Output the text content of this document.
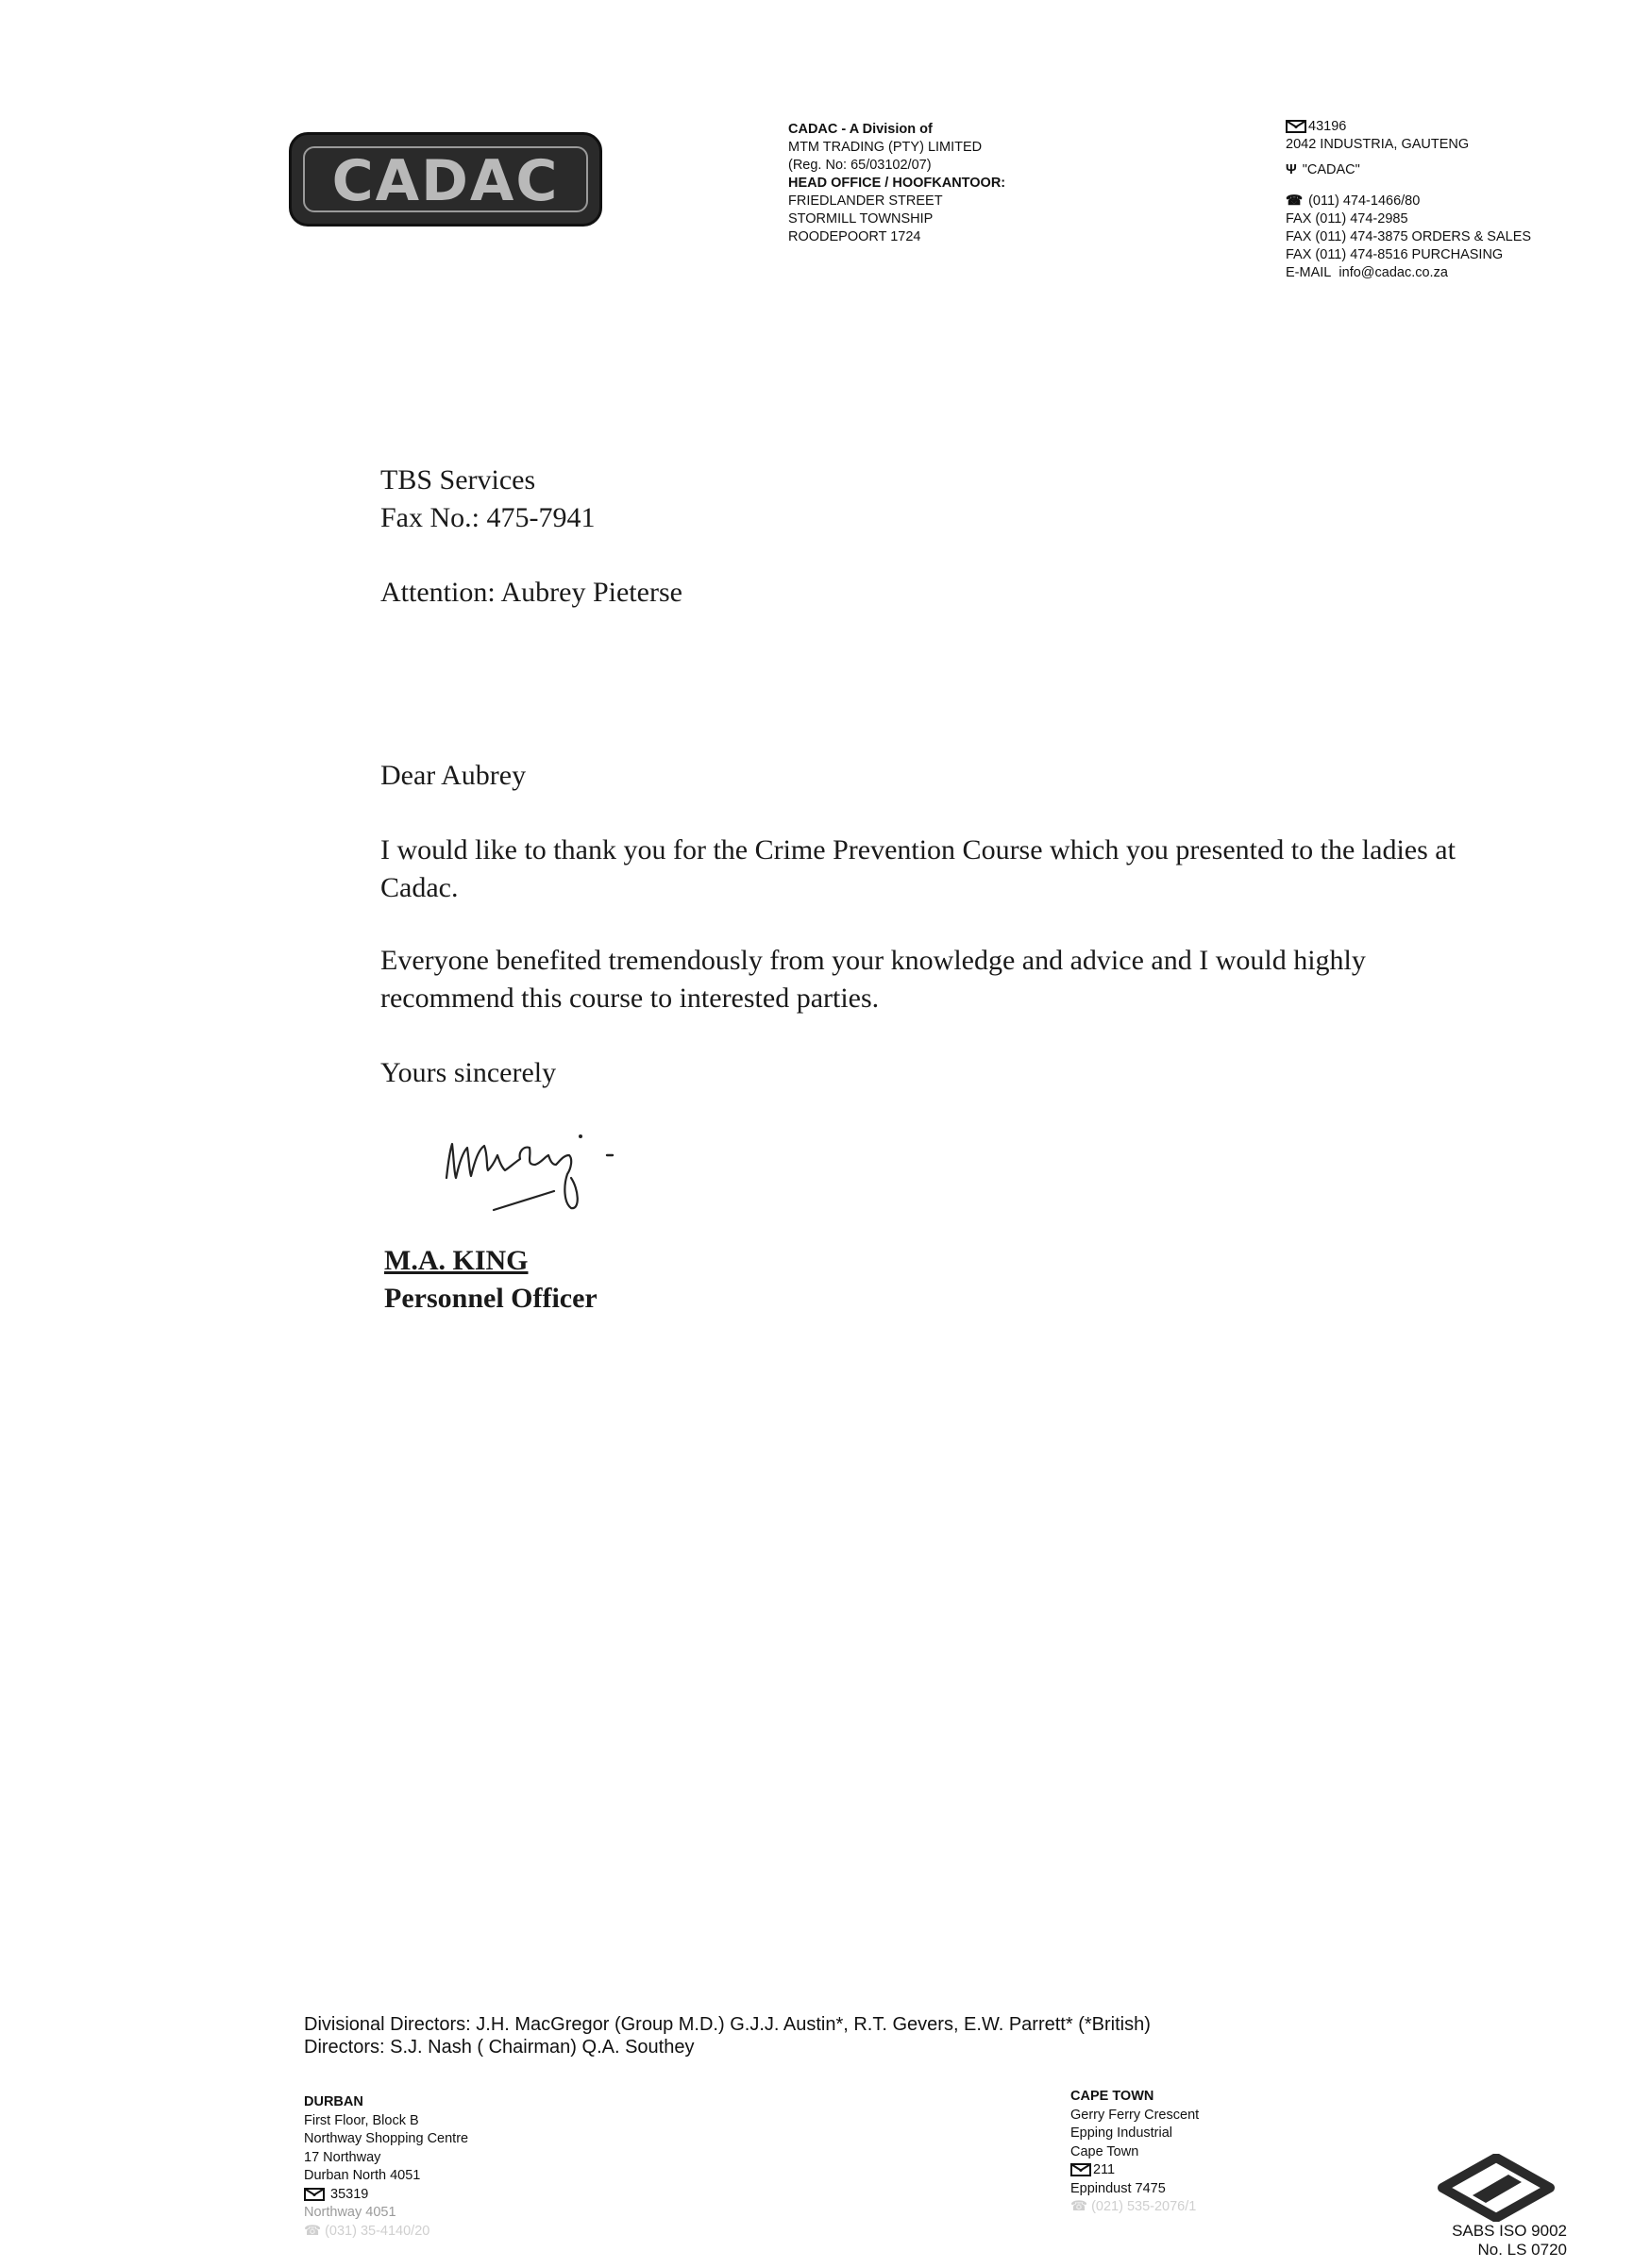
CADAC
CADAC - A Division of
MTM TRADING (PTY) LIMITED
(Reg. No: 65/03102/07)
HEAD OFFICE / HOOFKANTOOR:
FRIEDLANDER STREET
STORMILL TOWNSHIP
ROODEPOORT 1724
43196
2042 INDUSTRIA, GAUTENG
Ψ "CADAC"
☎ (011) 474-1466/80
FAX (011) 474-2985
FAX (011) 474-3875 ORDERS & SALES
FAX (011) 474-8516 PURCHASING
E-MAIL info@cadac.co.za
TBS Services
Fax No.: 475-7941
Attention: Aubrey Pieterse
Dear Aubrey
I would like to thank you for the Crime Prevention Course which you presented to the ladies at Cadac.
Everyone benefited tremendously from your knowledge and advice and I would highly recommend this course to interested parties.
Yours sincerely
M.A. KING
Personnel Officer
Divisional Directors: J.H. MacGregor (Group M.D.) G.J.J. Austin*, R.T. Gevers, E.W. Parrett* (*British)
Directors: S.J. Nash ( Chairman) Q.A. Southey
DURBAN
First Floor, Block B
Northway Shopping Centre
17 Northway
Durban North 4051
35319
Northway 4051
☎ (031) 35-4140/20
CAPE TOWN
Gerry Ferry Crescent
Epping Industrial
Cape Town
211
Eppindust 7475
☎ (021) 535-2076/1
SABS ISO 9002
No. LS 0720
